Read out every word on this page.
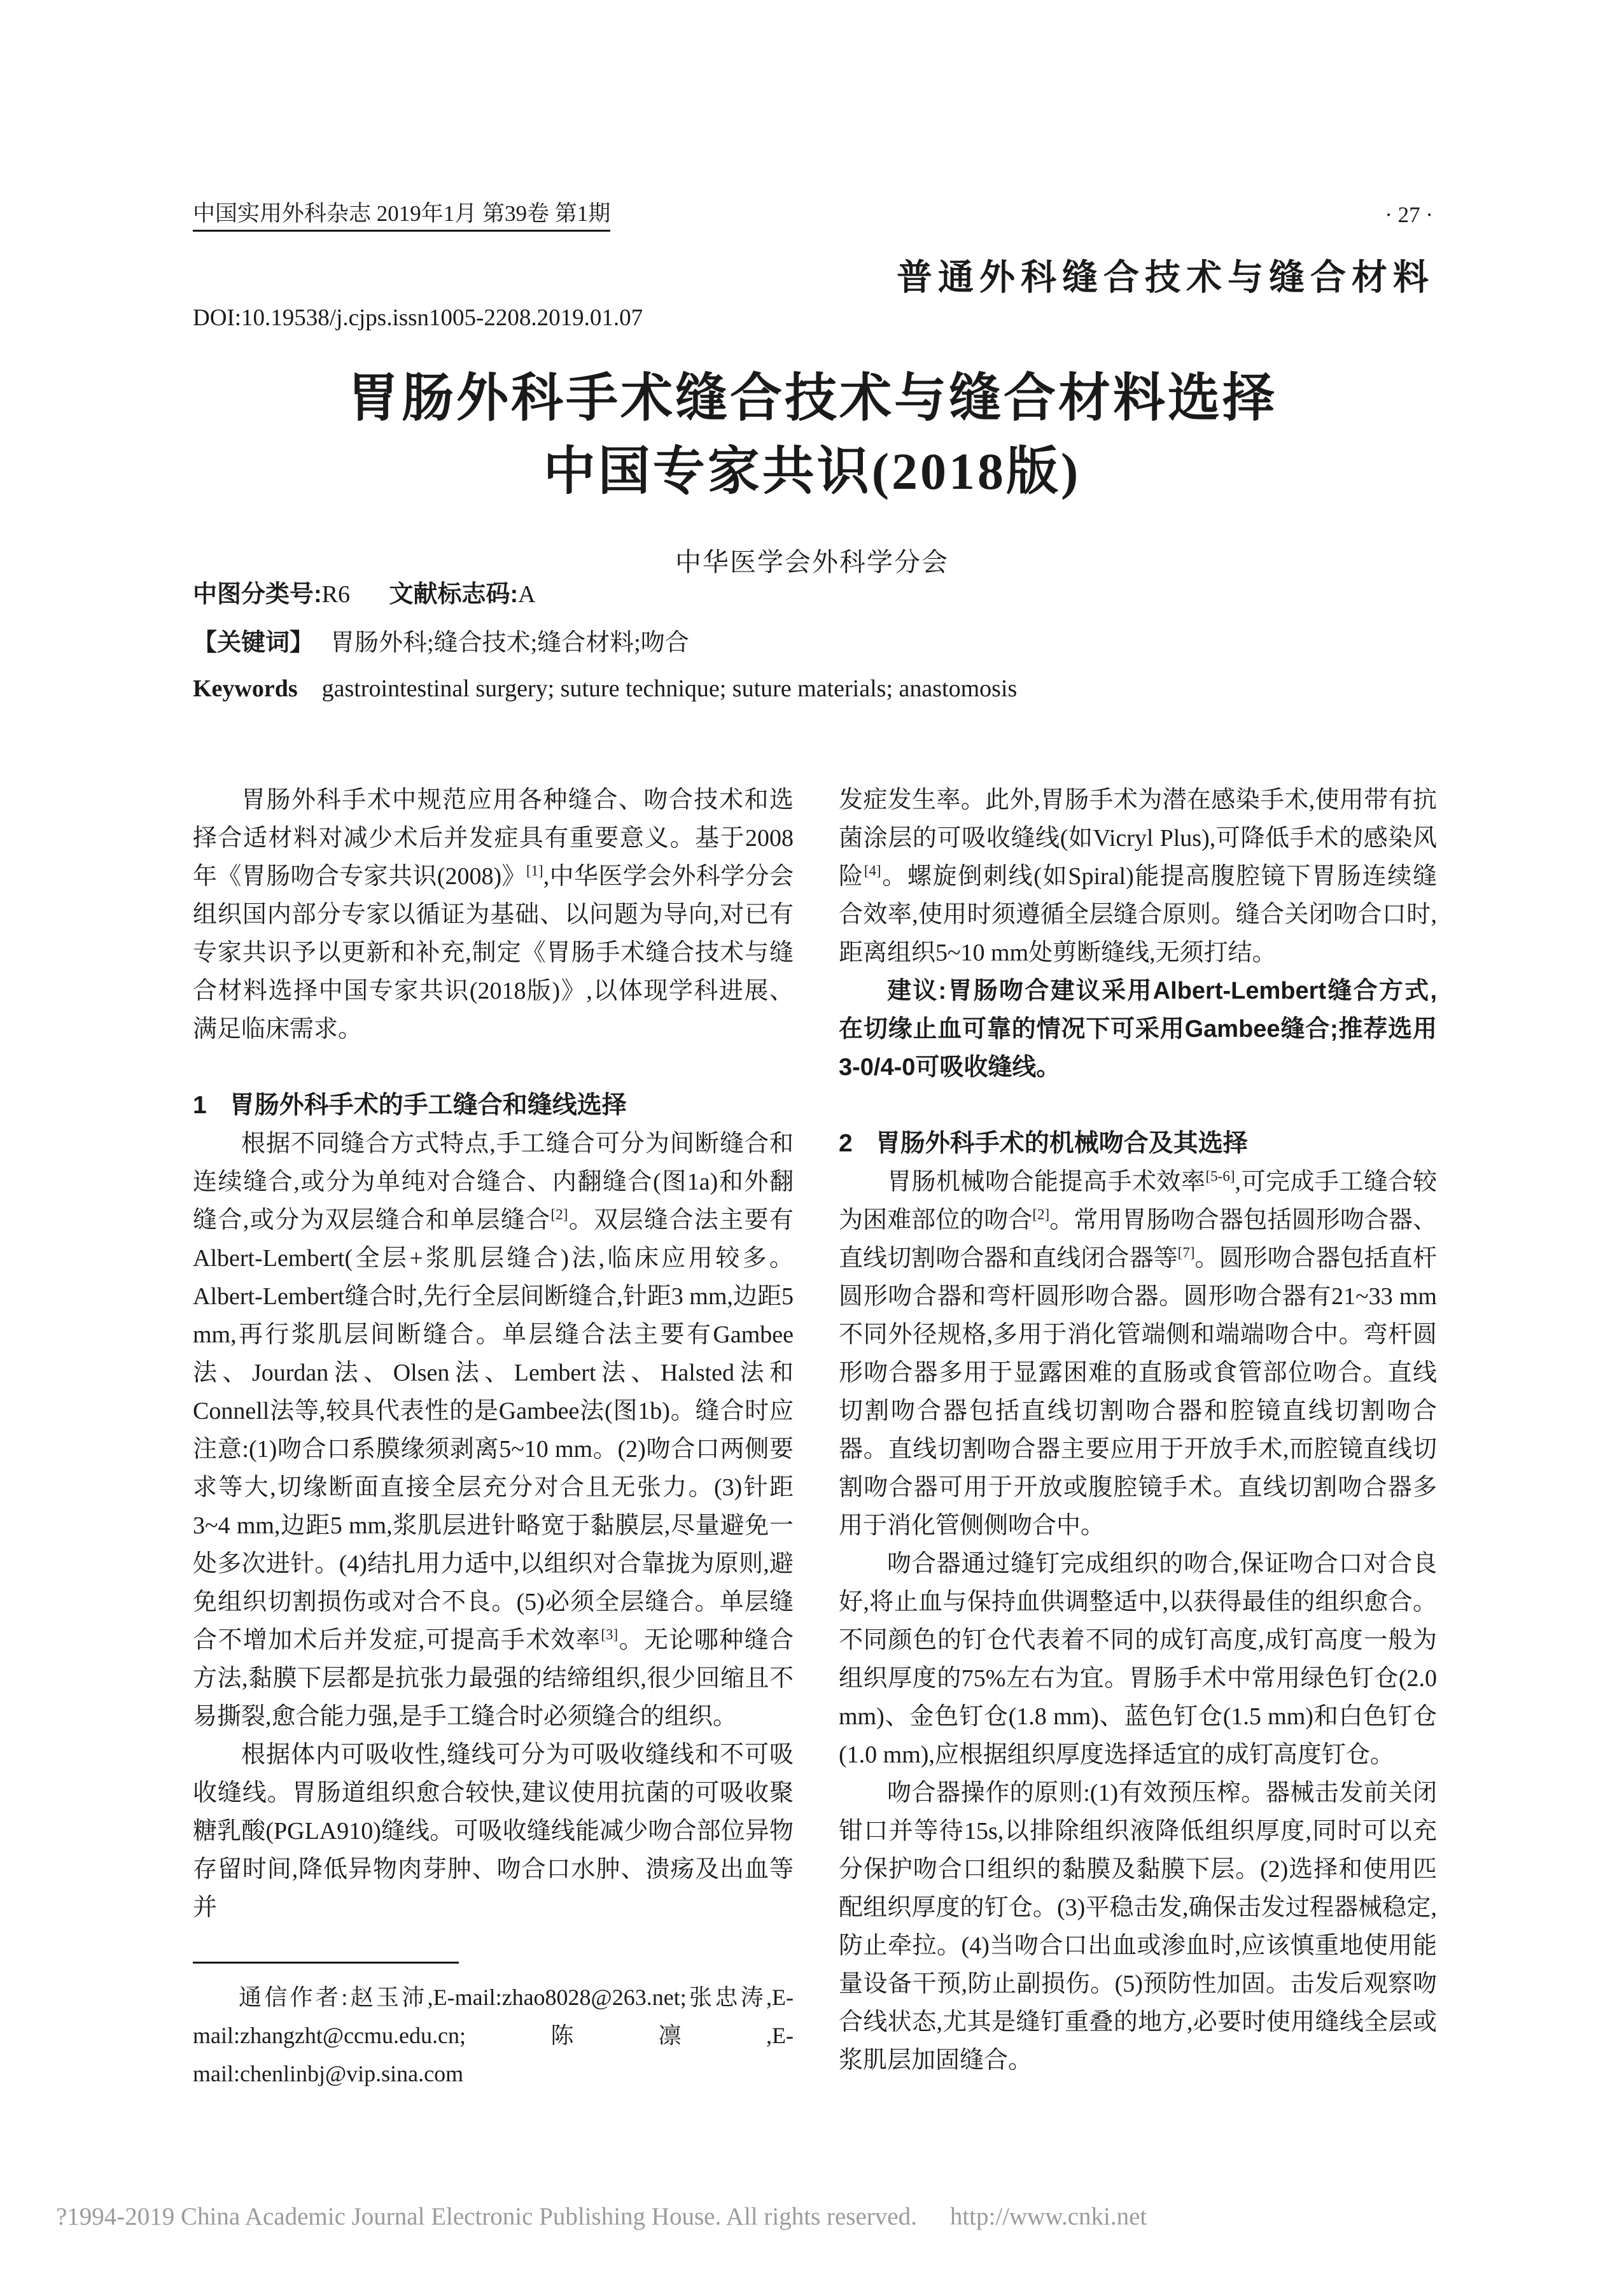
中国实用外科杂志 2019年1月 第39卷 第1期	· 27 ·
普通外科缝合技术与缝合材料
DOI:10.19538/j.cjps.issn1005-2208.2019.01.07
胃肠外科手术缝合技术与缝合材料选择
中国专家共识(2018版)
中华医学会外科学分会
中图分类号:R6 文献标志码:A
【关键词】 胃肠外科;缝合技术;缝合材料;吻合
Keywords gastrointestinal surgery; suture technique; suture materials; anastomosis

胃肠外科手术中规范应用各种缝合、吻合技术和选择合适材料对减少术后并发症具有重要意义。基于2008年《胃肠吻合专家共识(2008)》[1],中华医学会外科学分会组织国内部分专家以循证为基础、以问题为导向,对已有专家共识予以更新和补充,制定《胃肠手术缝合技术与缝合材料选择中国专家共识(2018版)》,以体现学科进展、满足临床需求。

1 胃肠外科手术的手工缝合和缝线选择

根据不同缝合方式特点,手工缝合可分为间断缝合和连续缝合,或分为单纯对合缝合、内翻缝合(图1a)和外翻缝合,或分为双层缝合和单层缝合[2]。双层缝合法主要有Albert-Lembert(全层+浆肌层缝合)法,临床应用较多。Albert-Lembert缝合时,先行全层间断缝合,针距3 mm,边距5 mm,再行浆肌层间断缝合。单层缝合法主要有Gambee法、Jourdan法、Olsen法、Lembert法、Halsted法和Connell法等,较具代表性的是Gambee法(图1b)。缝合时应注意:(1)吻合口系膜缘须剥离5~10 mm。(2)吻合口两侧要求等大,切缘断面直接全层充分对合且无张力。(3)针距3~4 mm,边距5 mm,浆肌层进针略宽于黏膜层,尽量避免一处多次进针。(4)结扎用力适中,以组织对合靠拢为原则,避免组织切割损伤或对合不良。(5)必须全层缝合。单层缝合不增加术后并发症,可提高手术效率[3]。无论哪种缝合方法,黏膜下层都是抗张力最强的结缔组织,很少回缩且不易撕裂,愈合能力强,是手工缝合时必须缝合的组织。

根据体内可吸收性,缝线可分为可吸收缝线和不可吸收缝线。胃肠道组织愈合较快,建议使用抗菌的可吸收聚糖乳酸(PGLA910)缝线。可吸收缝线能减少吻合部位异物存留时间,降低异物肉芽肿、吻合口水肿、溃疡及出血等并

发症发生率。此外,胃肠手术为潜在感染手术,使用带有抗菌涂层的可吸收缝线(如Vicryl Plus),可降低手术的感染风险[4]。螺旋倒刺线(如Spiral)能提高腹腔镜下胃肠连续缝合效率,使用时须遵循全层缝合原则。缝合关闭吻合口时,距离组织5~10 mm处剪断缝线,无须打结。

建议:胃肠吻合建议采用Albert-Lembert缝合方式,在切缘止血可靠的情况下可采用Gambee缝合;推荐选用3-0/4-0可吸收缝线。

2 胃肠外科手术的机械吻合及其选择

胃肠机械吻合能提高手术效率[5-6],可完成手工缝合较为困难部位的吻合[2]。常用胃肠吻合器包括圆形吻合器、直线切割吻合器和直线闭合器等[7]。圆形吻合器包括直杆圆形吻合器和弯杆圆形吻合器。圆形吻合器有21~33 mm不同外径规格,多用于消化管端侧和端端吻合中。弯杆圆形吻合器多用于显露困难的直肠或食管部位吻合。直线切割吻合器包括直线切割吻合器和腔镜直线切割吻合器。直线切割吻合器主要应用于开放手术,而腔镜直线切割吻合器可用于开放或腹腔镜手术。直线切割吻合器多用于消化管侧侧吻合中。

吻合器通过缝钉完成组织的吻合,保证吻合口对合良好,将止血与保持血供调整适中,以获得最佳的组织愈合。不同颜色的钉仓代表着不同的成钉高度,成钉高度一般为组织厚度的75%左右为宜。胃肠手术中常用绿色钉仓(2.0 mm)、金色钉仓(1.8 mm)、蓝色钉仓(1.5 mm)和白色钉仓(1.0 mm),应根据组织厚度选择适宜的成钉高度钉仓。

吻合器操作的原则:(1)有效预压榨。器械击发前关闭钳口并等待15s,以排除组织液降低组织厚度,同时可以充分保护吻合口组织的黏膜及黏膜下层。(2)选择和使用匹配组织厚度的钉仓。(3)平稳击发,确保击发过程器械稳定,防止牵拉。(4)当吻合口出血或渗血时,应该慎重地使用能量设备干预,防止副损伤。(5)预防性加固。击发后观察吻合线状态,尤其是缝钉重叠的地方,必要时使用缝线全层或浆肌层加固缝合。

通信作者:赵玉沛,E-mail:zhao8028@263.net;张忠涛,E-mail:zhangzht@ccmu.edu.cn;陈凛,E-mail:chenlinbj@vip.sina.com
?1994-2019 China Academic Journal Electronic Publishing House. All rights reserved. http://www.cnki.net
